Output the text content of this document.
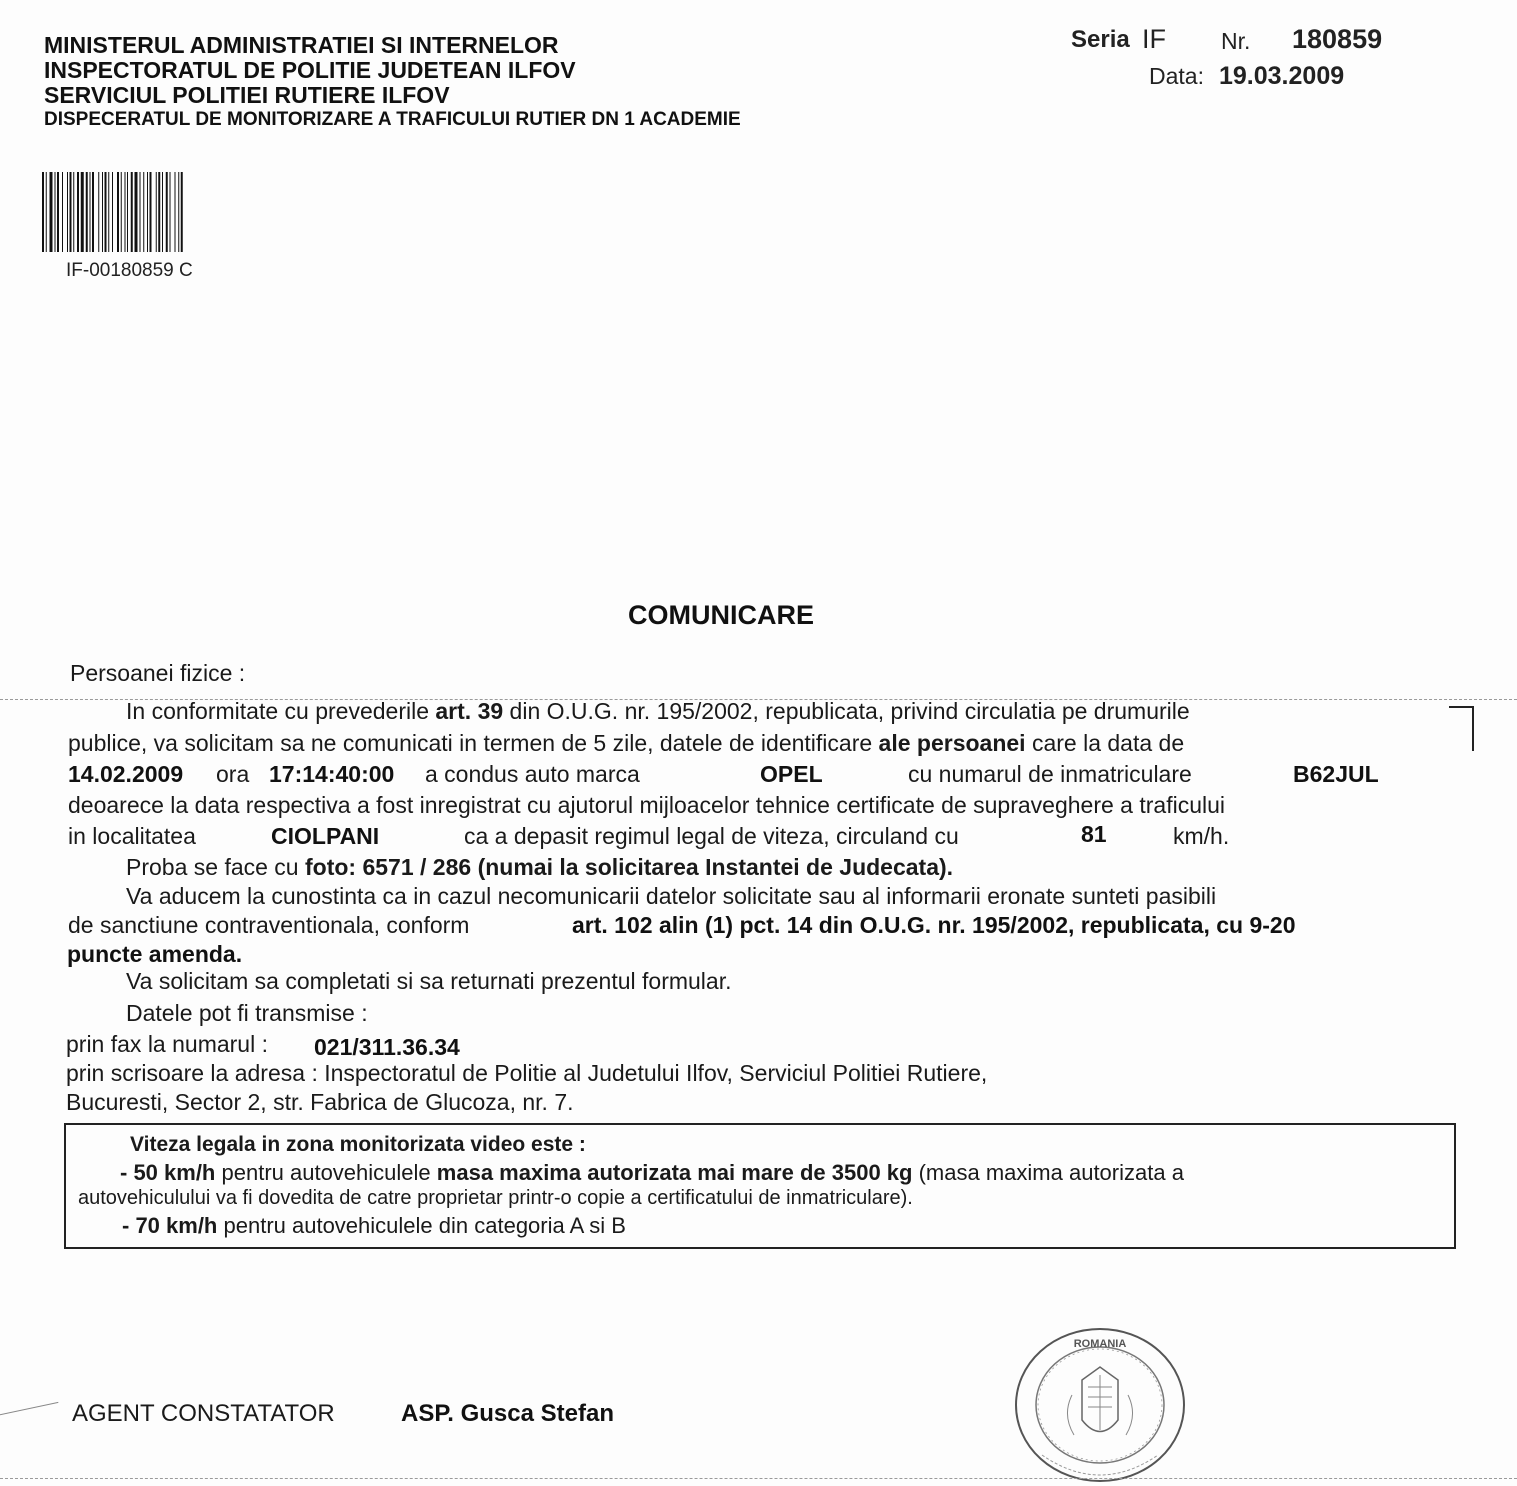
MINISTERUL ADMINISTRATIEI SI INTERNELOR
INSPECTORATUL DE POLITIE JUDETEAN ILFOV
SERVICIUL POLITIEI RUTIERE ILFOV
DISPECERATUL DE MONITORIZARE A TRAFICULUI RUTIER DN 1 ACADEMIE
Seria IF Nr. 180859
Data: 19.03.2009
IF-00180859 C
COMUNICARE
Persoanei fizice :
In conformitate cu prevederile art. 39 din O.U.G. nr. 195/2002, republicata, privind circulatia pe drumurile
publice, va solicitam sa ne comunicati in termen de 5 zile, datele de identificare ale persoanei care la data de
14.02.2009 ora 17:14:40:00 a condus auto marca	OPEL	cu numarul de inmatriculare	B62JUL
deoarece la data respectiva a fost inregistrat cu ajutorul mijloacelor tehnice certificate de supraveghere a traficului
in localitatea	CIOLPANI	ca a depasit regimul legal de viteza, circuland cu	81	km/h.
Proba se face cu foto: 6571 / 286 (numai la solicitarea Instantei de Judecata).
Va aducem la cunostinta ca in cazul necomunicarii datelor solicitate sau al informarii eronate sunteti pasibili
de sanctiune contraventionala, conform	art. 102 alin (1) pct. 14 din O.U.G. nr. 195/2002, republicata, cu 9-20
puncte amenda.
Va solicitam sa completati si sa returnati prezentul formular.
Datele pot fi transmise :
prin fax la numarul : 021/311.36.34
prin scrisoare la adresa : Inspectoratul de Politie al Judetului Ilfov, Serviciul Politiei Rutiere,
Bucuresti, Sector 2, str. Fabrica de Glucoza, nr. 7.
Viteza legala in zona monitorizata video este :
- 50 km/h pentru autovehiculele masa maxima autorizata mai mare de 3500 kg (masa maxima autorizata a
autovehiculului va fi dovedita de catre proprietar printr-o copie a certificatului de inmatriculare).
- 70 km/h pentru autovehiculele din categoria A si B
AGENT CONSTATATOR	ASP. Gusca Stefan
ROMANIA
